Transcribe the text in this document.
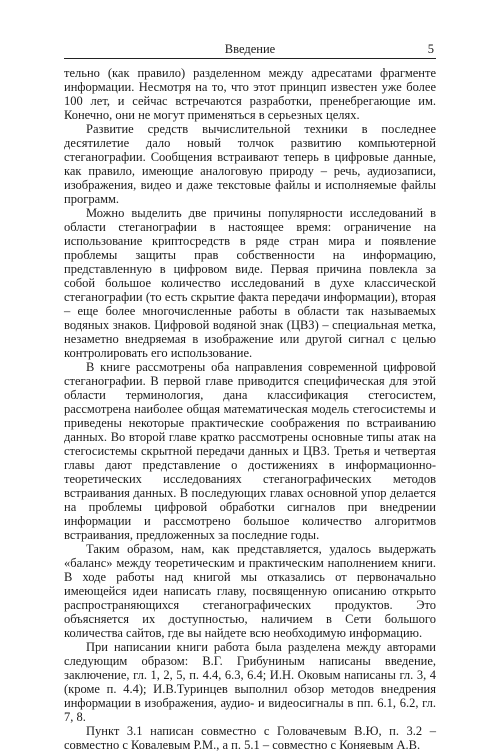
Введение	5

тельно (как правило) разделенном между адресатами фрагменте информации. Несмотря на то, что этот принцип известен уже более 100 лет, и сейчас встречаются разработки, пренебрегающие им. Конечно, они не могут применяться в серьезных целях.

Развитие средств вычислительной техники в последнее десятилетие дало новый толчок развитию компьютерной стеганографии. Сообщения встраивают теперь в цифровые данные, как правило, имеющие аналоговую природу – речь, аудиозаписи, изображения, видео и даже текстовые файлы и исполняемые файлы программ.

Можно выделить две причины популярности исследований в области стеганографии в настоящее время: ограничение на использование криптосредств в ряде стран мира и появление проблемы защиты прав собственности на информацию, представленную в цифровом виде. Первая причина повлекла за собой большое количество исследований в духе классической стеганографии (то есть скрытие факта передачи информации), вторая – еще более многочисленные работы в области так называемых водяных знаков. Цифровой водяной знак (ЦВЗ) – специальная метка, незаметно внедряемая в изображение или другой сигнал с целью контролировать его использование.

В книге рассмотрены оба направления современной цифровой стеганографии. В первой главе приводится специфическая для этой области терминология, дана классификация стегосистем, рассмотрена наиболее общая математическая модель стегосистемы и приведены некоторые практические соображения по встраиванию данных. Во второй главе кратко рассмотрены основные типы атак на стегосистемы скрытной передачи данных и ЦВЗ. Третья и четвертая главы дают представление о достижениях в информационно-теоретических исследованиях стеганографических методов встраивания данных. В последующих главах основной упор делается на проблемы цифровой обработки сигналов при внедрении информации и рассмотрено большое количество алгоритмов встраивания, предложенных за последние годы.

Таким образом, нам, как представляется, удалось выдержать «баланс» между теоретическим и практическим наполнением книги. В ходе работы над книгой мы отказались от первоначально имеющейся идеи написать главу, посвященную описанию открыто распространяющихся стеганографических продуктов. Это объясняется их доступностью, наличием в Сети большого количества сайтов, где вы найдете всю необходимую информацию.

При написании книги работа была разделена между авторами следующим образом: В.Г. Грибуниным написаны введение, заключение, гл. 1, 2, 5, п. 4.4, 6.3, 6.4; И.Н. Оковым написаны гл. 3, 4 (кроме п. 4.4); И.В.Туринцев выполнил обзор методов внедрения информации в изображения, аудио- и видеосигналы в пп. 6.1, 6.2, гл. 7, 8.

Пункт 3.1 написан совместно с Головачевым В.Ю, п. 3.2 – совместно с Ковалевым Р.М., а п. 5.1 – совместно с Коняевым А.В.
